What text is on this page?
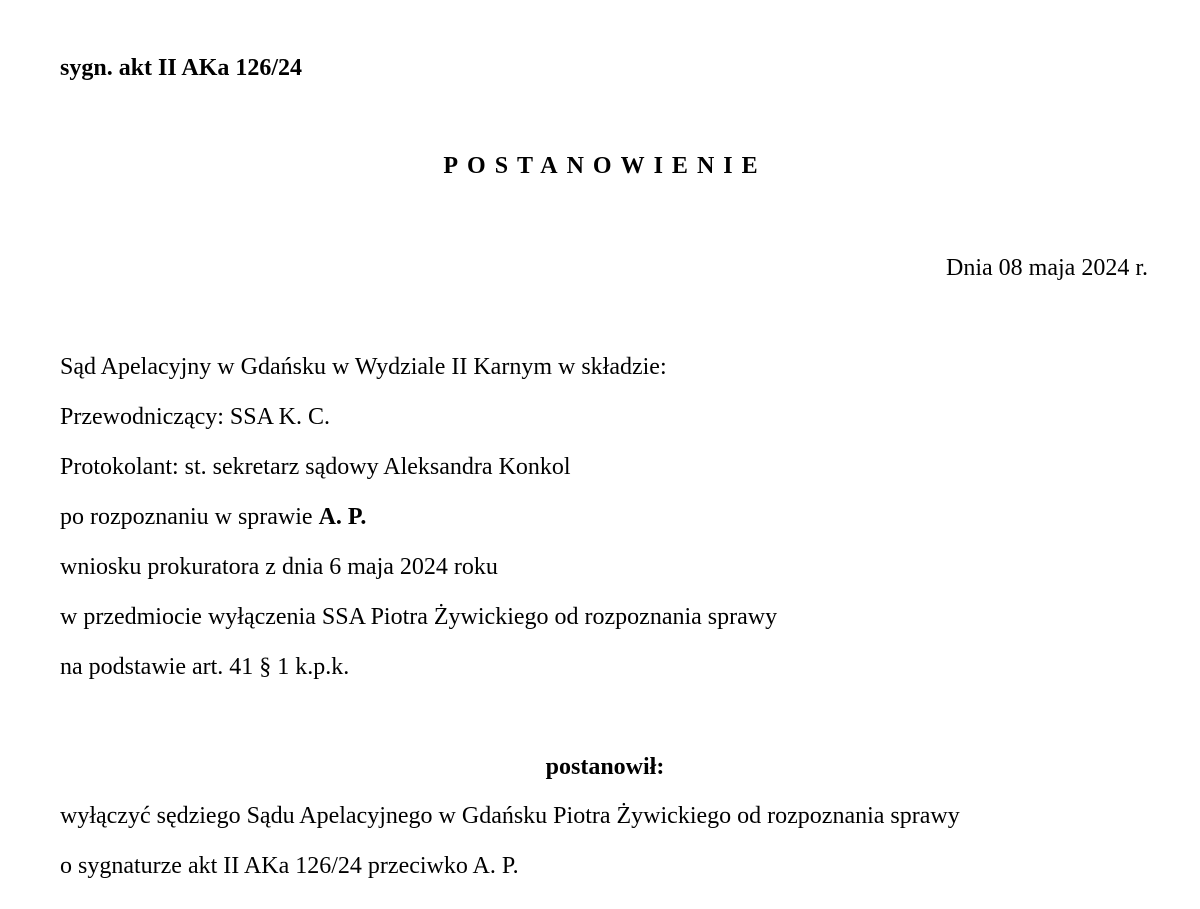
sygn. akt II AKa 126/24
POSTANOWIENIE
Dnia 08 maja 2024 r.
Sąd Apelacyjny w Gdańsku w Wydziale II Karnym w składzie:
Przewodniczący: SSA K. C.
Protokolant: st. sekretarz sądowy Aleksandra Konkol
po rozpoznaniu w sprawie A. P.
wniosku prokuratora z dnia 6 maja 2024 roku
w przedmiocie wyłączenia SSA Piotra Żywickiego od rozpoznania sprawy
na podstawie art. 41 § 1 k.p.k.
postanowił:
wyłączyć sędziego Sądu Apelacyjnego w Gdańsku Piotra Żywickiego od rozpoznania sprawy
o sygnaturze akt II AKa 126/24 przeciwko A. P.
